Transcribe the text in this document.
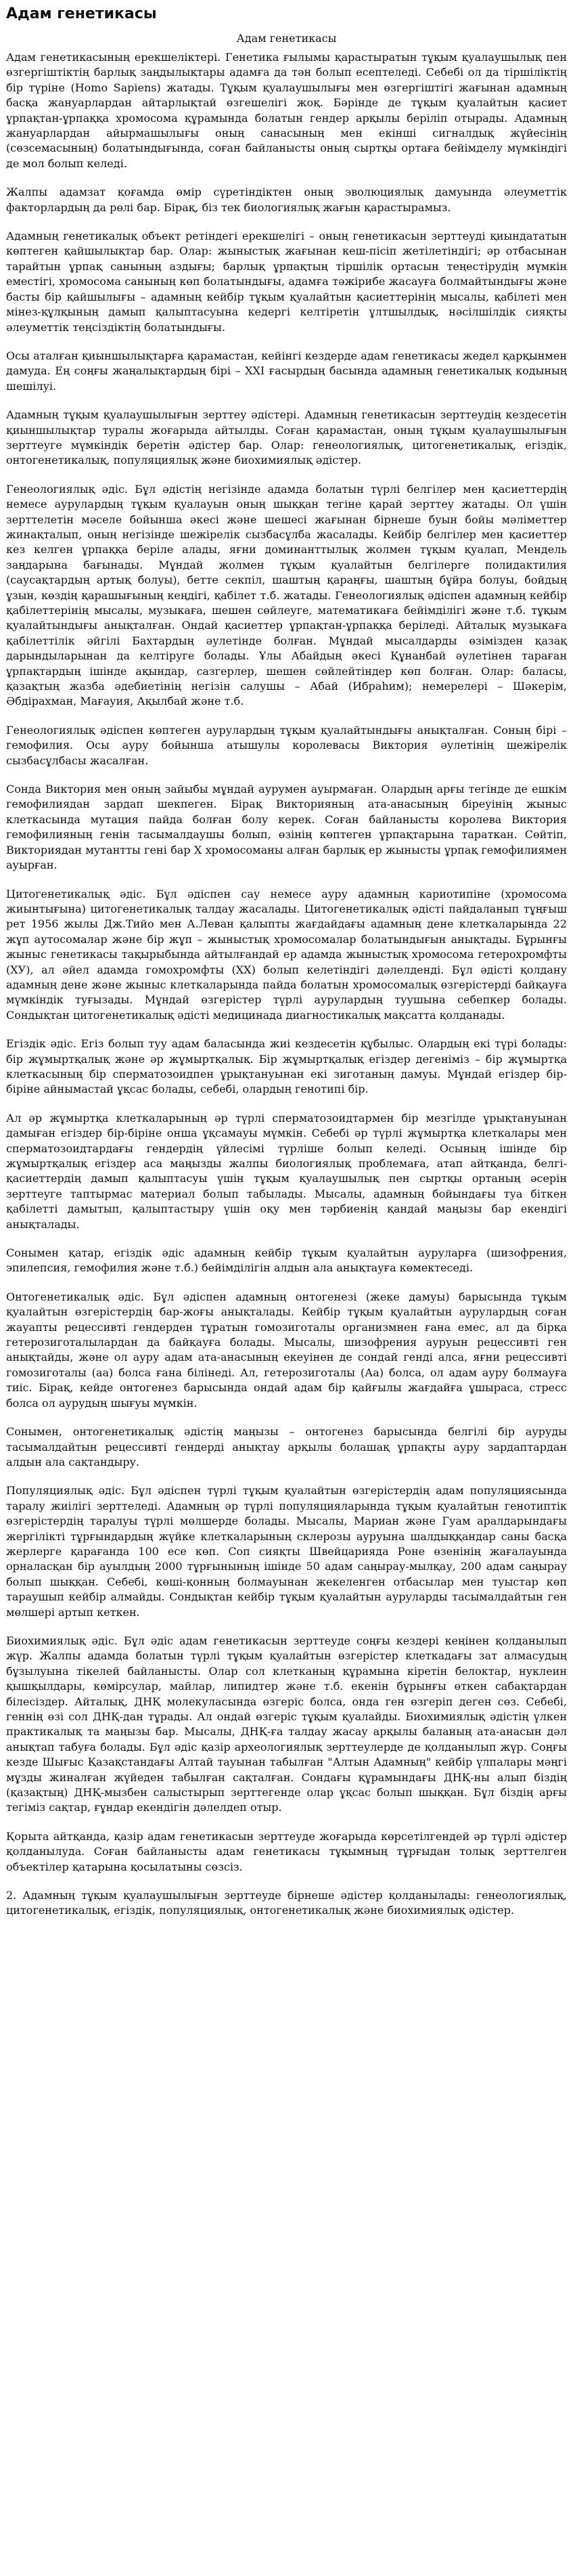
Адам генетикасы
Адам генетикасы

Адам генетикасының ерекшеліктері. Генетика ғылымы қарастыратын тұқым қуалаушылық пен өзгергіштіктің барлық заңдылықтары адамға да тән болып есептеледі. Себебі ол да тіршіліктің бір түріне (Homo Sapiens) жатады. Тұқым қуалаушылығы мен өзгергіштігі жағынан адамның басқа жануарлардан айтарлықтай өзгешелігі жоқ. Бәрінде де тұқым қуалайтын қасиет ұрпақтан-ұрпаққа хромосома құрамында болатын гендер арқылы беріліп отырады. Адамның жануарлардан айырмашылығы оның санасының мен екінші сигналдық жүйесінің (сөзсемасының) болатындығында, соған байланысты оның сыртқы ортаға бейімделу мүмкіндігі де мол болып келеді.

Жалпы адамзат қоғамда өмір сүретіндіктен оның эволюциялық дамуында әлеуметтік факторлардың да рөлі бар. Бірақ, біз тек биологиялық жағын қарастырамыз.

Адамның генетикалық объект ретіндегі ерекшелігі – оның генетикасын зерттеуді қиындататын көптеген қайшылықтар бар. Олар: жыныстық жағынан кеш-пісіп жетілетіндігі; әр отбасынан тарайтын ұрпақ санының аздығы; барлық ұрпақтың тіршілік ортасын теңестірудің мүмкін еместігі, хромосома санының көп болатындығы, адамға тәжірибе жасауға болмайтындығы және басты бір қайшылығы – адамның кейбір тұқым қуалайтын қасиеттерінің мысалы, қабілеті мен мінез-құлқының дамып қалыптасуына кедергі келтіретін ұлтшылдық, нәсілшілдік сияқты әлеуметтік теңсіздіктің болатындығы.

Осы аталған қиыншылықтарға қарамастан, кейінгі кездерде адам генетикасы жедел қарқынмен дамуда. Ең соңғы жаңалықтардың бірі – XXI ғасырдың басында адамның генетикалық кодының шешілуі.

Адамның тұқым қуалаушылығын зерттеу әдістері. Адамның генетикасын зерттеудің кездесетін қиыншылықтар туралы жоғарыда айтылды. Соған қарамастан, оның тұқым қуалаушылығын зерттеуге мүмкіндік беретін әдістер бар. Олар: генеологиялық, цитогенетикалық, егіздік, онтогенетикалық, популяциялық және биохимиялық әдістер.

Генеологиялық әдіс. Бұл әдістің негізінде адамда болатын түрлі белгілер мен қасиеттердің немесе аурулардың тұқым қуалауын оның шыққан тегіне қарай зерттеу жатады. Ол үшін зерттелетін мәселе бойынша әкесі және шешесі жағынан бірнеше буын бойы мәліметтер жинақталып, оның негізінде шежірелік сызбасұлба жасалады. Кейбір белгілер мен қасиеттер кез келген ұрпаққа беріле алады, яғни доминанттылық жолмен тұқым қуалап, Мендель заңдарына бағынады. Мұндай жолмен тұқым қуалайтын белгілерге полидактилия (саусақтардың артық болуы), бетте секпіл, шаштың қараңғы, шаштың бұйра болуы, бойдың ұзын, көздің қарашығының кеңдігі, қабілет т.б. жатады. Генеологиялық әдіспен адамның кейбір қабілеттерінің мысалы, музыкаға, шешен сөйлеуге, математикаға бейімділігі және т.б. тұқым қуалайтындығы анықталған. Ондай қасиеттер ұрпақтан-ұрпаққа беріледі. Айталық музыкаға қабілеттілік әйгілі Бахтардың әулетінде болған. Мұндай мысалдарды өзімізден қазақ дарындыларынан да келтіруге болады. Ұлы Абайдың әкесі Құнанбай әулетінен тараған ұрпақтардың ішінде ақындар, сазгерлер, шешен сөйлейтіндер көп болған. Олар: баласы, қазақтың жазба әдебиетінің негізін салушы – Абай (Ибраһим); немерелері – Шәкерім, Әбдірахман, Мағауия, Ақылбай және т.б.

Генеологиялық әдіспен көптеген аурулардың тұқым қуалайтындығы анықталған. Соның бірі – гемофилия. Осы ауру бойынша атышулы королевасы Виктория әулетінің шежірелік сызбасұлбасы жасалған.

Сонда Виктория мен оның зайыбы мұндай аурумен ауырмаған. Олардың арғы тегінде де ешкім гемофилиядан зардап шекпеген. Бірақ Викторияның ата-анасының біреуінің жыныс клеткасында мутация пайда болған болу керек. Соған байланысты королева Виктория гемофилияның генін тасымалдаушы болып, өзінің көптеген ұрпақтарына тараткан. Сөйтіп, Викториядан мутантты гені бар Х хромосоманы алған барлық ер жынысты ұрпақ гемофилиямен ауырған.

Цитогенетикалық әдіс. Бұл әдіспен сау немесе ауру адамның кариотипіне (хромосома жиынтығына) цитогенетикалық талдау жасалады. Цитогенетикалық әдісті пайдаланып тұңғыш рет 1956 жылы Дж.Тийо мен А.Леван қалыпты жағдайдағы адамның дене клеткаларында 22 жұп аутосомалар және бір жұп – жыныстық хромосомалар болатындығын анықтады. Бұрынғы жыныс генетикасы тақырыбында айтылғандай ер адамда жыныстық хромосома гетерохромфты (ХУ), ал әйел адамда гомохромфты (ХХ) болып келетіндігі дәлелденді. Бұл әдісті қолдану адамның дене және жыныс клеткаларында пайда болатын хромосомалық өзгерістерді байқауға мүмкіндік туғызады. Мұндай өзгерістер түрлі аурулардың туушына себепкер болады. Сондықтан цитогенетикалық әдісті медицинада диагностикалық мақсатта қолданады.

Егіздік әдіс. Егіз болып туу адам баласында жиі кездесетін құбылыс. Олардың екі түрі болады: бір жұмыртқалық және әр жұмыртқалық. Бір жұмыртқалық егіздер дегеніміз – бір жұмыртқа клеткасының бір сперматозоидпен ұрықтануынан екі зиготаның дамуы. Мұндай егіздер бір-біріне айнымастай ұқсас болады, себебі, олардың генотипі бір.

Ал әр жұмыртқа клеткаларының әр түрлі сперматозоидтармен бір мезгілде ұрықтануынан дамыған егіздер бір-біріне онша ұқсамауы мүмкін. Себебі әр түрлі жұмыртқа клеткалары мен сперматозоидтардағы гендердің үйлесімі түрліше болып келеді. Осының ішінде бір жұмыртқалық егіздер аса маңызды жалпы биологиялық проблемаға, атап айтқанда, белгі-қасиеттердің дамып қалыптасуы үшін тұқым қуалаушылық пен сыртқы ортаның әсерін зерттеуге таптырмас материал болып табылады. Мысалы, адамның бойындағы туа біткен қабілетті дамытып, қалыптастыру үшін оқу мен тәрбиенің қандай маңызы бар екендігі анықталады.

Сонымен қатар, егіздік әдіс адамның кейбір тұқым қуалайтын ауруларға (шизофрения, эпилепсия, гемофилия және т.б.) бейімділігін алдын ала анықтауға көмектеседі.

Онтогенетикалық әдіс. Бұл әдіспен адамның онтогенезі (жеке дамуы) барысында тұқым қуалайтын өзгерістердің бар-жоғы анықталады. Кейбір тұқым қуалайтын аурулардың соған жауапты рецессивті гендерден тұратын гомозиготалы организмнен ғана емес, ал да бірқа гетерозиготалылардан да байқауға болады. Мысалы, шизофрения ауруын рецессивті ген анықтайды, және ол ауру адам ата-анасының екеуінен де сондай генді алса, яғни рецессивті гомозиготалы (аа) болса ғана білінеді. Ал, гетерозиготалы (Аа) болса, ол адам ауру болмауға тиіс. Бірақ, кейде онтогенез барысында ондай адам бір қайғылы жағдайға ұшыраса, стресс болса ол аурудың шығуы мүмкін.

Сонымен, онтогенетикалық әдістің маңызы – онтогенез барысында белгілі бір ауруды тасымалдайтын рецессивті гендерді анықтау арқылы болашақ ұрпақты ауру зардаптардан алдын ала сақтандыру.

Популяциялық әдіс. Бұл әдіспен түрлі тұқым қуалайтын өзгерістердің адам популяциясында таралу жиілігі зерттеледі. Адамның әр түрлі популяцияларында тұқым қуалайтын генотиптік өзгерістердің таралуы түрлі мөлшерде болады. Мысалы, Мариан және Гуам аралдарындағы жергілікті тұрғындардың жүйке клеткаларының склерозы ауруына шалдыққандар саны басқа жерлерге қарағанда 100 есе көп. Соп сияқты Швейцарияда Роне өзенінің жағалауында орналасқан бір ауылдың 2000 тұрғынының ішінде 50 адам саңырау-мылқау, 200 адам саңырау болып шыққан. Себебі, көші-қонның болмауынан жекеленген отбасылар мен туыстар көп тараушып кейбір алмайды. Сондықтан кейбір тұқым қуалайтын ауруларды тасымалдайтын ген мөлшері артып кеткен.

Биохимиялық әдіс. Бұл әдіс адам генетикасын зерттеуде соңғы кездері кеңінен қолданылып жүр. Жалпы адамда болатын түрлі тұқым қуалайтын өзгерістер клеткадағы зат алмасудың бұзылуына тікелей байланысты. Олар сол клетканың құрамына кіретін белоктар, нуклеин қышқылдары, көмірсулар, майлар, липидтер және т.б. екенін бұрынғы өткен сабақтардан білесіздер. Айталық, ДНҚ молекуласында өзгеріс болса, онда ген өзгеріп деген сөз. Себебі, геннің өзі сол ДНҚ-дан тұрады. Ал ондай өзгеріс тұқым қуалайды. Биохимиялық әдістің үлкен практикалық та маңызы бар. Мысалы, ДНҚ-ға талдау жасау арқылы баланың ата-анасын дәл анықтап табуға болады. Бұл әдіс қазір археологиялық зерттеулерде де қолданылып жүр. Соңғы кезде Шығыс Қазақстандағы Алтай тауынан табылған "Алтын Адамның" кейбір үлпалары мәңгі мұзды жиналған жүйеден табылған сақталған. Сондағы құрамындағы ДНҚ-ны алып біздің (қазақтың) ДНҚ-мызбен салыстырып зерттегенде олар ұқсас болып шыққан. Бұл біздің арғы тегіміз сақтар, ғұндар екендігін дәлелдеп отыр.

Қорыта айтқанда, қазір адам генетикасын зерттеуде жоғарыда көрсетілгендей әр түрлі әдістер қолданылуда. Соған байланысты адам генетикасы тұқымның тұрғыдан толық зерттелген объектілер қатарына қосылатыны сөзсіз.

2. Адамның тұқым қуалаушылығын зерттеуде бірнеше әдістер қолданылады: генеологиялық, цитогенетикалық, егіздік, популяциялық, онтогенетикалық және биохимиялық әдістер.
